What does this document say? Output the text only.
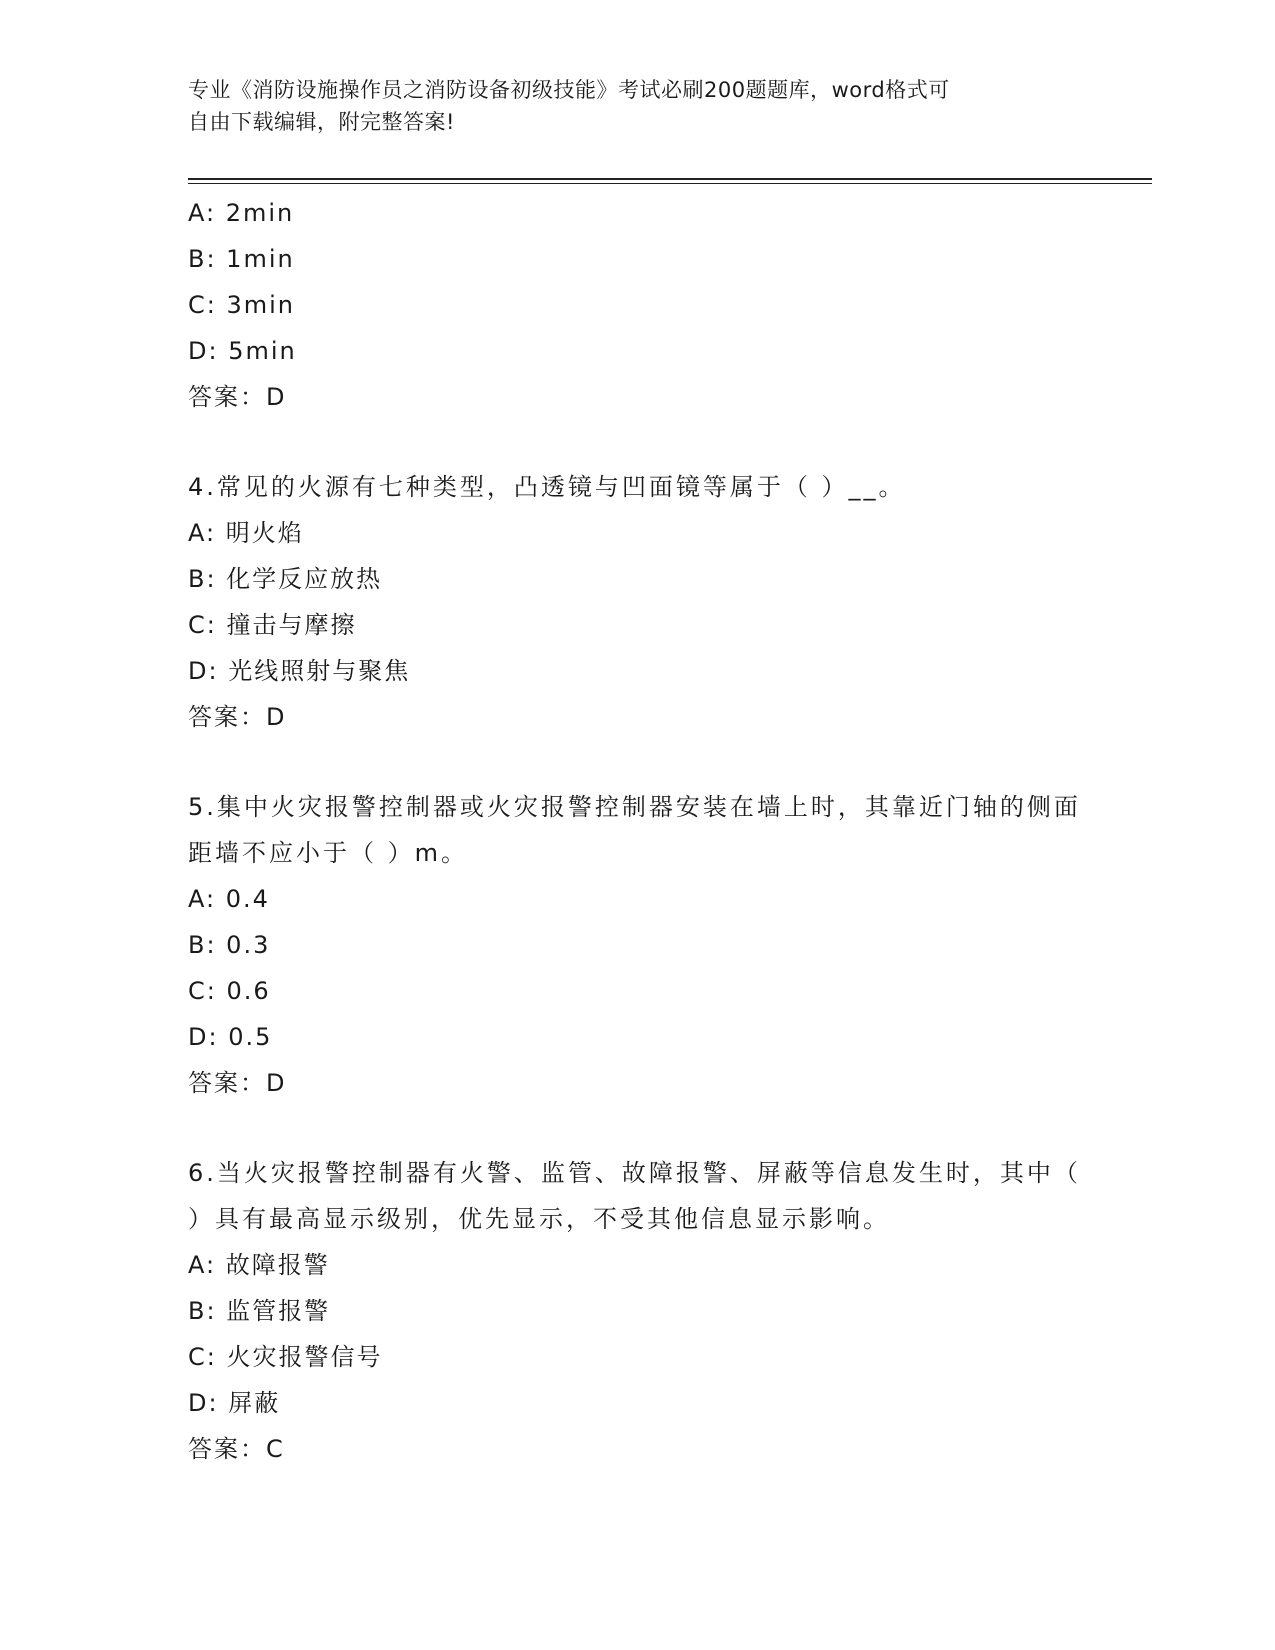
专业《消防设施操作员之消防设备初级技能》考试必刷200题题库，word格式可
自由下载编辑，附完整答案!
A: 2min
B: 1min
C: 3min
D: 5min
答案：D
4.常见的火源有七种类型，凸透镜与凹面镜等属于（ ）__。
A: 明火焰
B: 化学反应放热
C: 撞击与摩擦
D: 光线照射与聚焦
答案：D
5.集中火灾报警控制器或火灾报警控制器安装在墙上时，其靠近门轴的侧面距墙不应小于（ ）m。
A: 0.4
B: 0.3
C: 0.6
D: 0.5
答案：D
6.当火灾报警控制器有火警、监管、故障报警、屏蔽等信息发生时，其中（ ）具有最高显示级别，优先显示，不受其他信息显示影响。
A: 故障报警
B: 监管报警
C: 火灾报警信号
D: 屏蔽
答案：C
